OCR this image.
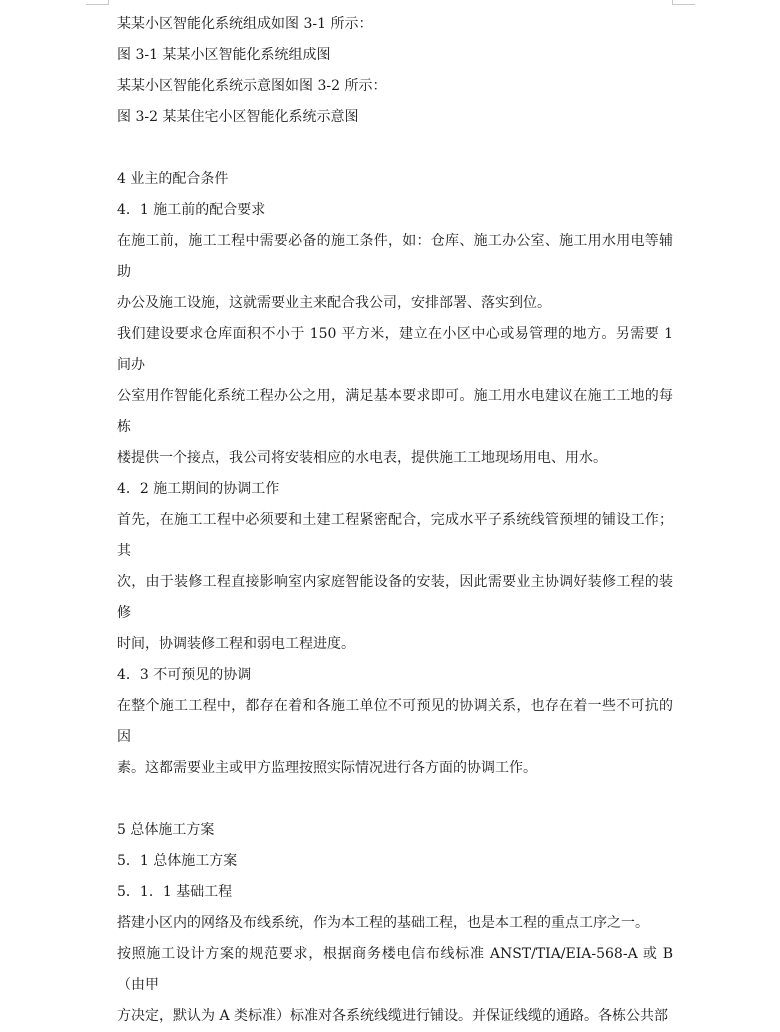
某某小区智能化系统组成如图 3-1 所示：

图 3-1 某某小区智能化系统组成图

某某小区智能化系统示意图如图 3-2 所示：

图 3-2 某某住宅小区智能化系统示意图

4 业主的配合条件

4．1 施工前的配合要求

在施工前，施工工程中需要必备的施工条件，如：仓库、施工办公室、施工用水用电等辅助

办公及施工设施，这就需要业主来配合我公司，安排部署、落实到位。

我们建设要求仓库面积不小于 150 平方米，建立在小区中心或易管理的地方。另需要 1 间办

公室用作智能化系统工程办公之用，满足基本要求即可。施工用水电建议在施工工地的每栋

楼提供一个接点，我公司将安装相应的水电表，提供施工工地现场用电、用水。

4．2 施工期间的协调工作

首先，在施工工程中必须要和土建工程紧密配合，完成水平子系统线管预埋的铺设工作；其

次，由于装修工程直接影响室内家庭智能设备的安装，因此需要业主协调好装修工程的装修

时间，协调装修工程和弱电工程进度。

4．3 不可预见的协调

在整个施工工程中，都存在着和各施工单位不可预见的协调关系，也存在着一些不可抗的因

素。这都需要业主或甲方监理按照实际情况进行各方面的协调工作。

5 总体施工方案

5．1 总体施工方案

5．1．1 基础工程

搭建小区内的网络及布线系统，作为本工程的基础工程，也是本工程的重点工序之一。

按照施工设计方案的规范要求，根据商务楼电信布线标准 ANST/TIA/EIA-568-A 或 B（由甲

方决定，默认为 A 类标准）标准对各系统线缆进行铺设。并保证线缆的通路。各栋公共部
